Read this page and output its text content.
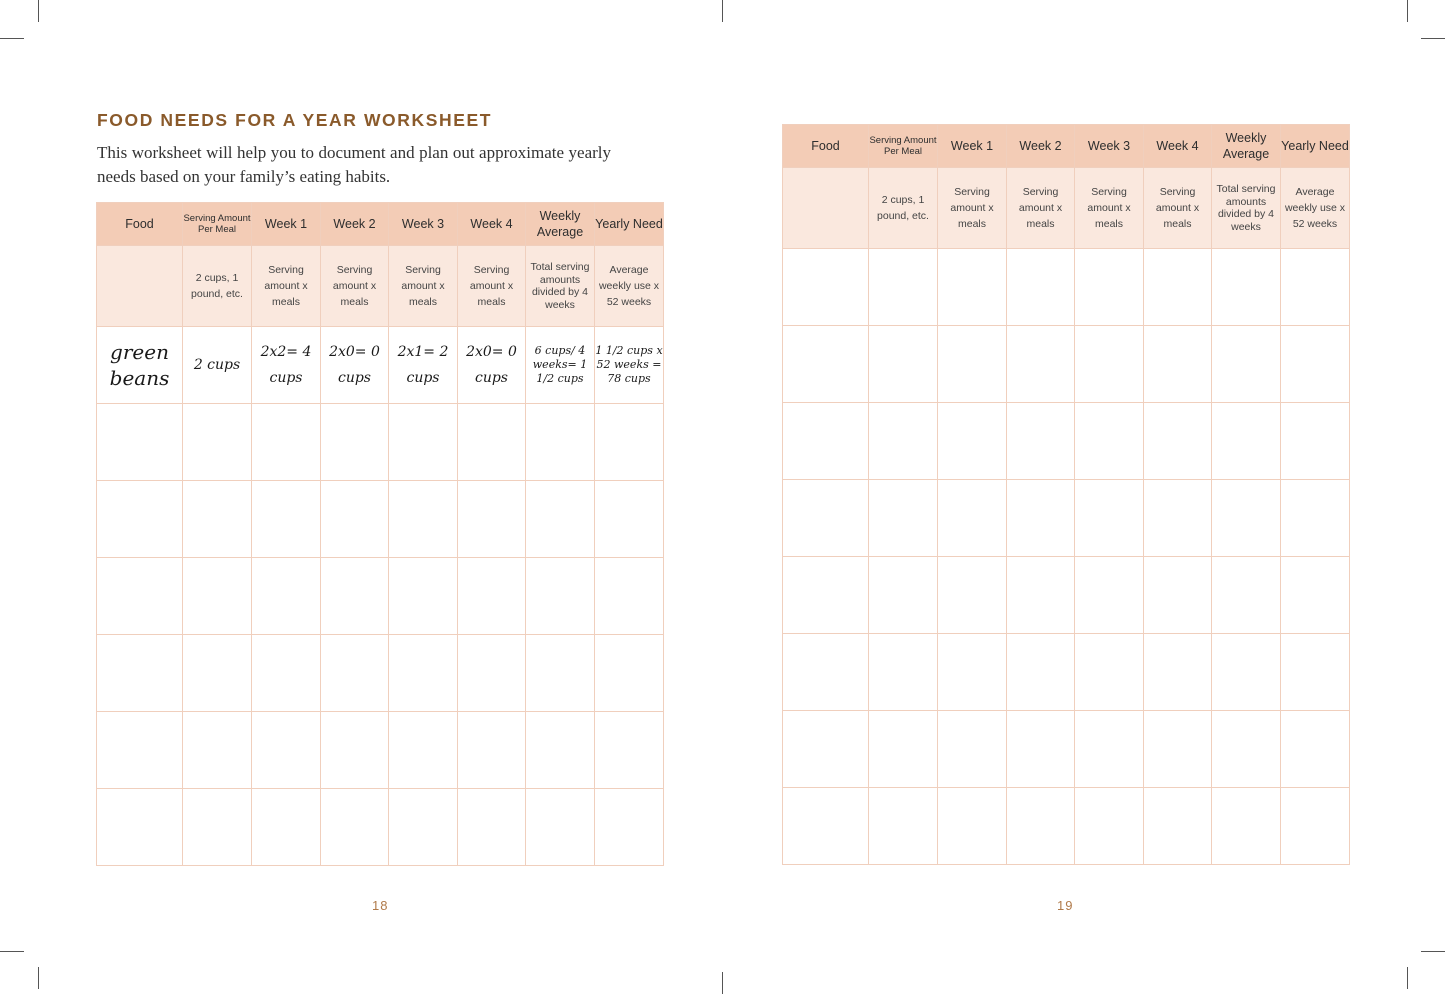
FOOD NEEDS FOR A YEAR WORKSHEET
This worksheet will help you to document and plan out approximate yearly needs based on your family’s eating habits.
Food	Serving Amount Per Meal	Week 1	Week 2	Week 3	Week 4	Weekly Average	Yearly Need
	2 cups, 1 pound, etc.	Serving amount x meals	Serving amount x meals	Serving amount x meals	Serving amount x meals	Total serving amounts divided by 4 weeks	Average weekly use x 52 weeks
green beans	2 cups	2x2= 4 cups	2x0= 0 cups	2x1= 2 cups	2x0= 0 cups	6 cups/ 4 weeks= 1 1/2 cups	1 1/2 cups x 52 weeks = 78 cups

18
Food	Serving Amount Per Meal	Week 1	Week 2	Week 3	Week 4	Weekly Average	Yearly Need
	2 cups, 1 pound, etc.	Serving amount x meals	Serving amount x meals	Serving amount x meals	Serving amount x meals	Total serving amounts divided by 4 weeks	Average weekly use x 52 weeks

19
